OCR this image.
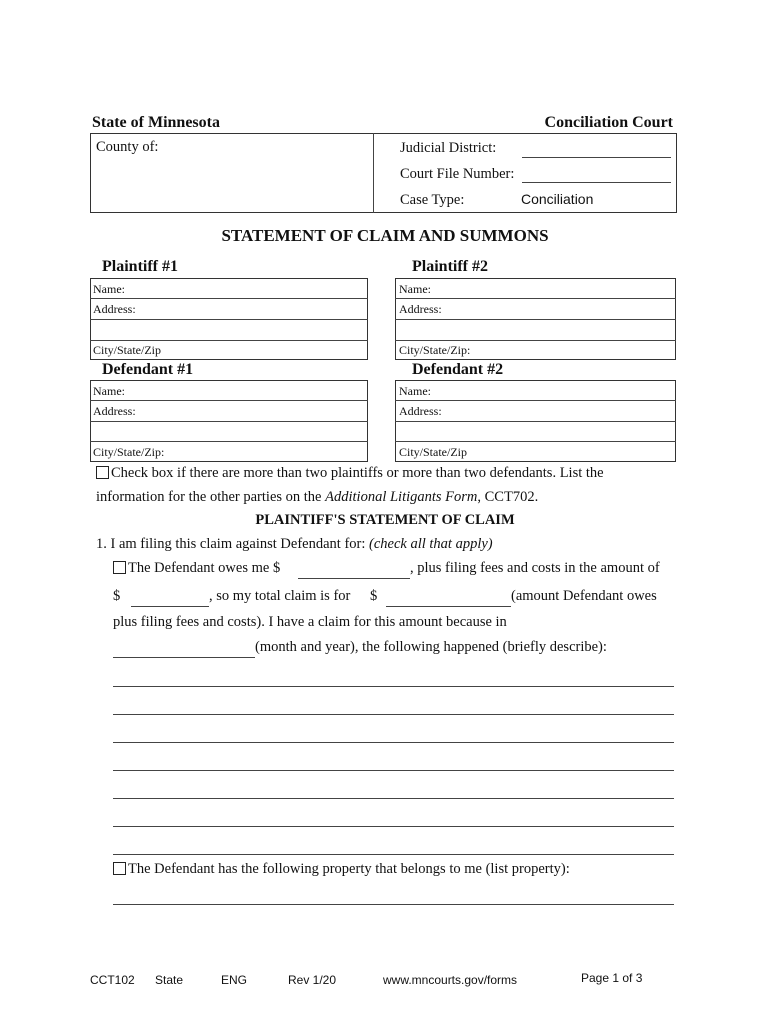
State of Minnesota	Conciliation Court
County of:	Judicial District:
Court File Number:
Case Type:	Conciliation
STATEMENT OF CLAIM AND SUMMONS
Plaintiff #1	Plaintiff #2
Name:
Address:
City/State/Zip
Name:
Address:
City/State/Zip:
Defendant #1	Defendant #2
Name:
Address:
City/State/Zip:
Name:
Address:
City/State/Zip
Check box if there are more than two plaintiffs or more than two defendants. List the
information for the other parties on the Additional Litigants Form, CCT702.
PLAINTIFF'S STATEMENT OF CLAIM
1. I am filing this claim against Defendant for: (check all that apply)
The Defendant owes me $	, plus filing fees and costs in the amount of
$	, so my total claim is for $	(amount Defendant owes
plus filing fees and costs). I have a claim for this amount because in
(month and year), the following happened (briefly describe):
The Defendant has the following property that belongs to me (list property):
CCT102 State	ENG	Rev 1/20	www.mncourts.gov/forms	Page 1 of 3
